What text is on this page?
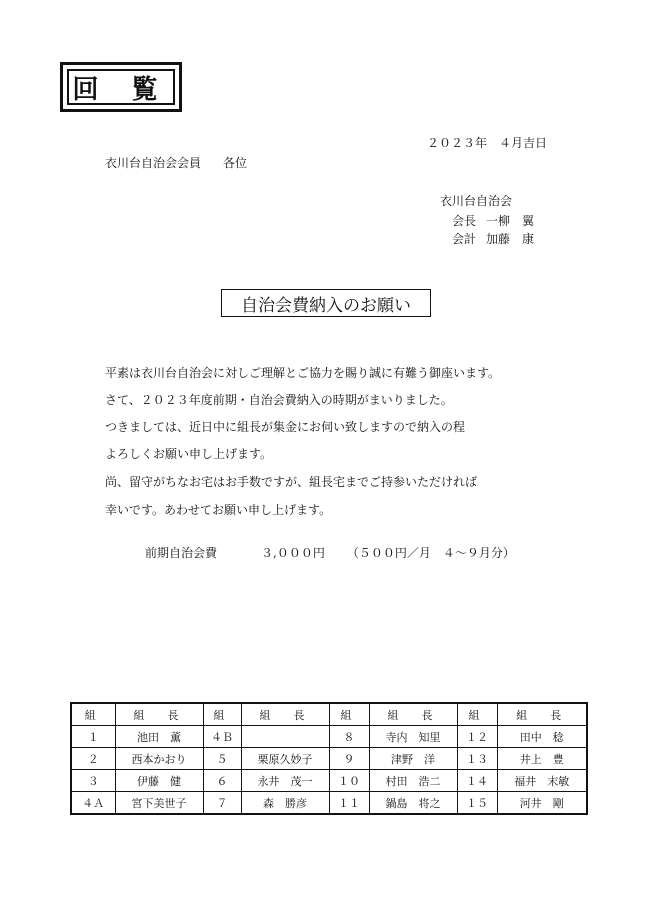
回 覧
２０２３年　４月吉日
衣川台自治会会員 各位
衣川台自治会
会長 一柳　翼
会計 加藤　康
自治会費納入のお願い
平素は衣川台自治会に対しご理解とご協力を賜り誠に有難う御座います。
さて、２０２３年度前期・自治会費納入の時期がまいりました。
つきましては、近日中に組長が集金にお伺い致しますので納入の程
よろしくお願い申し上げます。
尚、留守がちなお宅はお手数ですが、組長宅までご持参いただければ
幸いです。あわせてお願い申し上げます。
前期自治会費	３,０００円 （５００円／月　４～９月分）
組	組　長	組	組　長	組	組　長	組	組　長
１	池田　薫	４Ｂ		８	寺内　知里	１２	田中　稔
２	西本かおり	５	栗原久妙子	９	津野　洋	１３	井上　豊
３	伊藤　健	６	永井　茂一	１０	村田　浩二	１４	福井　末敏
４Ａ	宮下美世子	７	森　勝彦	１１	鍋島　将之	１５	河井　剛
